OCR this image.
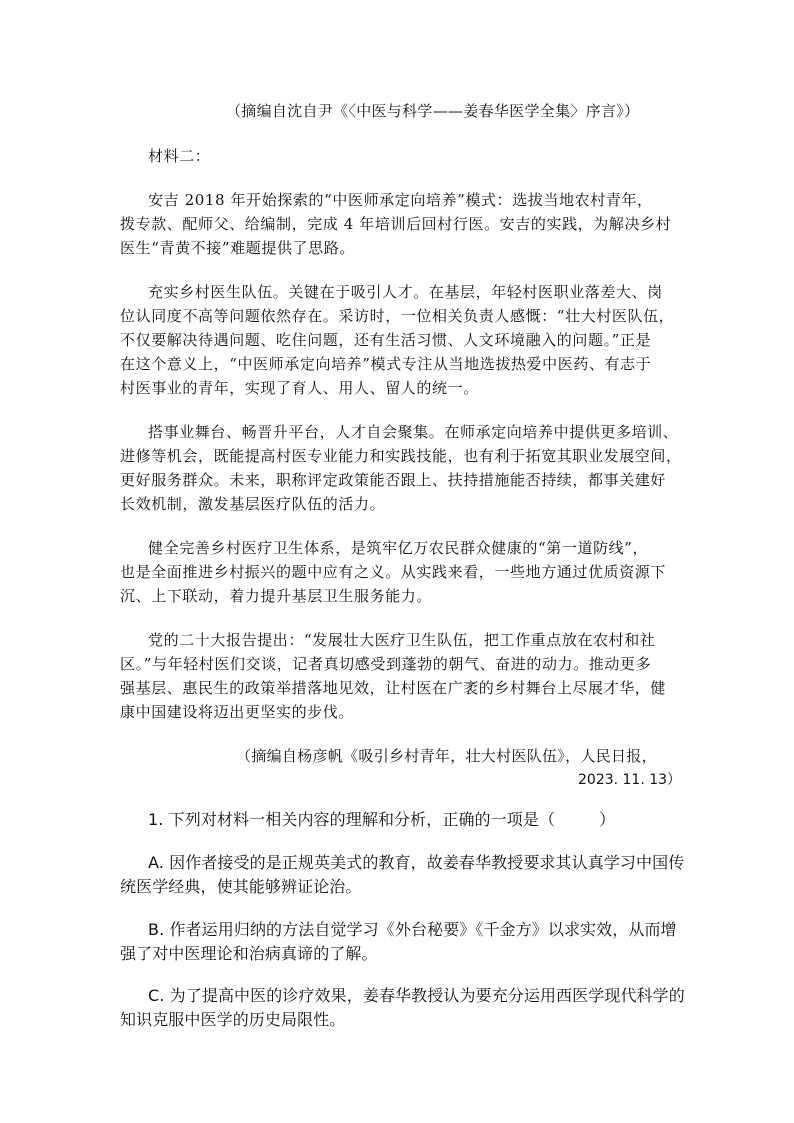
（摘编自沈自尹《〈中医与科学——姜春华医学全集〉序言》）
材料二：
安吉 2018 年开始探索的“中医师承定向培养”模式：选拔当地农村青年，
拨专款、配师父、给编制，完成 4 年培训后回村行医。安吉的实践，为解决乡村
医生“青黄不接”难题提供了思路。
充实乡村医生队伍。关键在于吸引人才。在基层，年轻村医职业落差大、岗
位认同度不高等问题依然存在。采访时，一位相关负责人感慨：“壮大村医队伍，
不仅要解决待遇问题、吃住问题，还有生活习惯、人文环境融入的问题。”正是
在这个意义上，“中医师承定向培养”模式专注从当地选拔热爱中医药、有志于
村医事业的青年，实现了育人、用人、留人的统一。
搭事业舞台、畅晋升平台，人才自会聚集。在师承定向培养中提供更多培训、
进修等机会，既能提高村医专业能力和实践技能，也有利于拓宽其职业发展空间，
更好服务群众。未来，职称评定政策能否跟上、扶持措施能否持续，都事关建好
长效机制，激发基层医疗队伍的活力。
健全完善乡村医疗卫生体系，是筑牢亿万农民群众健康的“第一道防线”，
也是全面推进乡村振兴的题中应有之义。从实践来看，一些地方通过优质资源下
沉、上下联动，着力提升基层卫生服务能力。
党的二十大报告提出：“发展壮大医疗卫生队伍，把工作重点放在农村和社
区。”与年轻村医们交谈，记者真切感受到蓬勃的朝气、奋进的动力。推动更多
强基层、惠民生的政策举措落地见效，让村医在广袤的乡村舞台上尽展才华，健
康中国建设将迈出更坚实的步伐。
（摘编自杨彦帆《吸引乡村青年，壮大村医队伍》，人民日报，
2023. 11. 13）
1. 下列对材料一相关内容的理解和分析，正确的一项是（	）
A. 因作者接受的是正规英美式的教育，故姜春华教授要求其认真学习中国传
统医学经典，使其能够辨证论治。
B. 作者运用归纳的方法自觉学习《外台秘要》《千金方》以求实效，从而增
强了对中医理论和治病真谛的了解。
C. 为了提高中医的诊疗效果，姜春华教授认为要充分运用西医学现代科学的
知识克服中医学的历史局限性。
